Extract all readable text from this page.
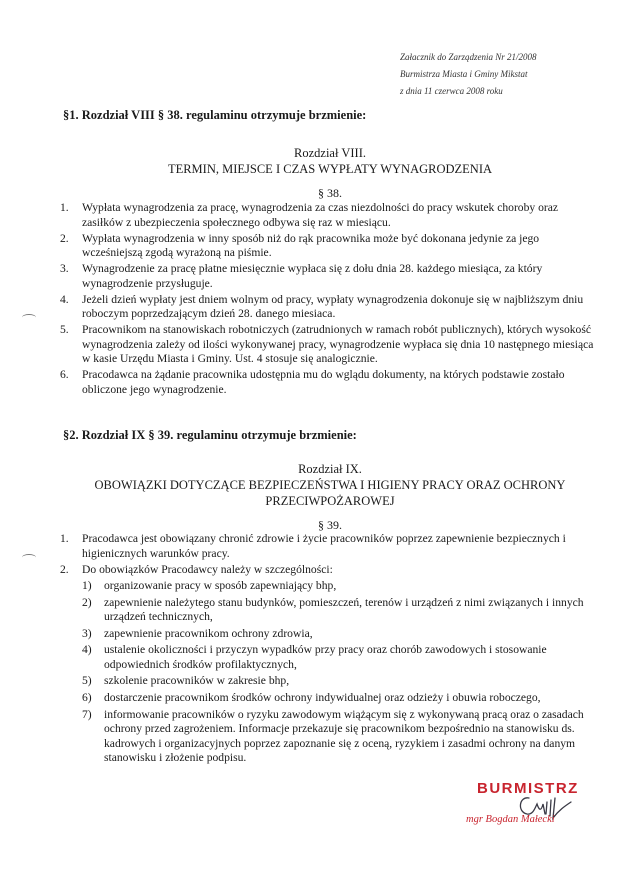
Załacznik do Zarządzenia Nr 21/2008
Burmistrza Miasta i Gminy Mikstat
z dnia 11 czerwca 2008 roku
§1. Rozdział VIII § 38. regulaminu otrzymuje brzmienie:
Rozdział VIII.
TERMIN, MIEJSCE I CZAS WYPŁATY WYNAGRODZENIA
§ 38.
1. Wypłata wynagrodzenia za pracę, wynagrodzenia za czas niezdolności do pracy wskutek choroby oraz zasiłków z ubezpieczenia społecznego odbywa się raz w miesiącu.
2. Wypłata wynagrodzenia w inny sposób niż do rąk pracownika może być dokonana jedynie za jego wcześniejszą zgodą wyrażoną na piśmie.
3. Wynagrodzenie za pracę płatne miesięcznie wypłaca się z dołu dnia 28. każdego miesiąca, za który wynagrodzenie przysługuje.
4. Jeżeli dzień wypłaty jest dniem wolnym od pracy, wypłaty wynagrodzenia dokonuje się w najbliższym dniu roboczym poprzedzającym dzień 28. danego miesiaca.
5. Pracownikom na stanowiskach robotniczych (zatrudnionych w ramach robót publicznych), których wysokość wynagrodzenia zależy od ilości wykonywanej pracy, wynagrodzenie wypłaca się dnia 10 następnego miesiąca w kasie Urzędu Miasta i Gminy. Ust. 4 stosuje się analogicznie.
6. Pracodawca na żądanie pracownika udostępnia mu do wglądu dokumenty, na których podstawie zostało obliczone jego wynagrodzenie.
§2. Rozdział IX § 39. regulaminu otrzymuje brzmienie:
Rozdział IX.
OBOWIĄZKI DOTYCZĄCE BEZPIECZEŃSTWA I HIGIENY PRACY ORAZ OCHRONY
PRZECIWPOŻAROWEJ
§ 39.
1. Pracodawca jest obowiązany chronić zdrowie i życie pracowników poprzez zapewnienie bezpiecznych i higienicznych warunków pracy.
2. Do obowiązków Pracodawcy należy w szczególności:
1) organizowanie pracy w sposób zapewniający bhp,
2) zapewnienie należytego stanu budynków, pomieszczeń, terenów i urządzeń z nimi związanych i innych urządzeń technicznych,
3) zapewnienie pracownikom ochrony zdrowia,
4) ustalenie okoliczności i przyczyn wypadków przy pracy oraz chorób zawodowych i stosowanie odpowiednich środków profilaktycznych,
5) szkolenie pracowników w zakresie bhp,
6) dostarczenie pracownikom środków ochrony indywidualnej oraz odzieży i obuwia roboczego,
7) informowanie pracowników o ryzyku zawodowym wiążącym się z wykonywaną pracą oraz o zasadach ochrony przed zagrożeniem. Informacje przekazuje się pracownikom bezpośrednio na stanowisku ds. kadrowych i organizacyjnych poprzez zapoznanie się z oceną, ryzykiem i zasadmi ochrony na danym stanowisku i złożenie podpisu.
BURMISTRZ
mgr Bogdan Małecki
